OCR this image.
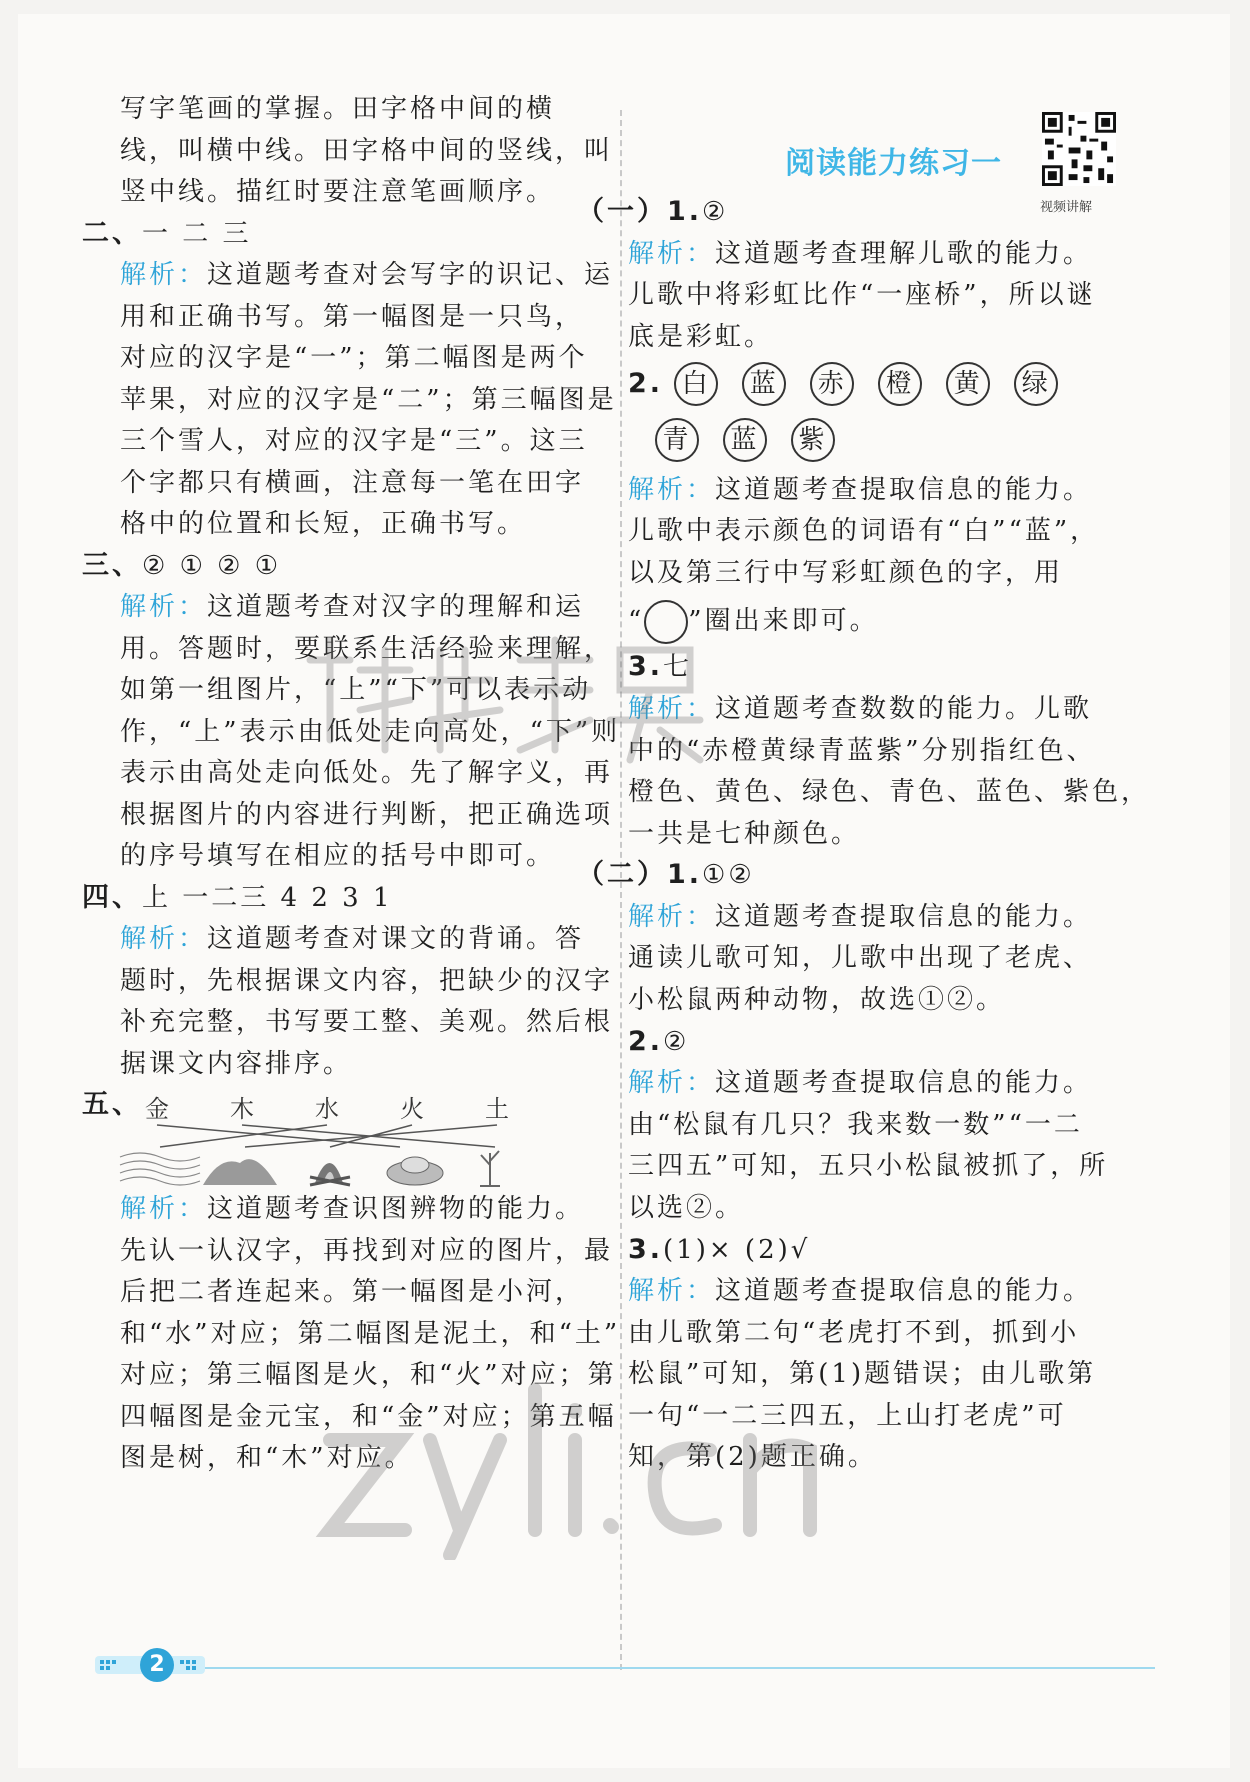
写字笔画的掌握。田字格中间的横
线，叫横中线。田字格中间的竖线，叫
竖中线。描红时要注意笔画顺序。
二、一 二 三
解析：这道题考查对会写字的识记、运
用和正确书写。第一幅图是一只鸟，
对应的汉字是“一”；第二幅图是两个
苹果，对应的汉字是“二”；第三幅图是
三个雪人，对应的汉字是“三”。这三
个字都只有横画，注意每一笔在田字
格中的位置和长短，正确书写。
三、② ① ② ①
解析：这道题考查对汉字的理解和运
用。答题时，要联系生活经验来理解，
如第一组图片，“上”“下”可以表示动
作，“上”表示由低处走向高处，“下”则
表示由高处走向低处。先了解字义，再
根据图片的内容进行判断，把正确选项
的序号填写在相应的括号中即可。
四、上 一二三 4 2 3 1
解析：这道题考查对课文的背诵。答
题时，先根据课文内容，把缺少的汉字
补充完整，书写要工整、美观。然后根
据课文内容排序。
五、 金	木	水	火	土
解析：这道题考查识图辨物的能力。
先认一认汉字，再找到对应的图片，最
后把二者连起来。第一幅图是小河，
和“水”对应；第二幅图是泥土，和“土”
对应；第三幅图是火，和“火”对应；第
四幅图是金元宝，和“金”对应；第五幅
图是树，和“木”对应。
阅读能力练习一
视频讲解
（一）1.②
解析：这道题考查理解儿歌的能力。
儿歌中将彩虹比作“一座桥”，所以谜
底是彩虹。
2. 白 蓝 赤 橙 黄 绿
青 蓝 紫
解析：这道题考查提取信息的能力。
儿歌中表示颜色的词语有“白”“蓝”，
以及第三行中写彩虹颜色的字，用
“ ”圈出来即可。
3.七
解析：这道题考查数数的能力。儿歌
中的“赤橙黄绿青蓝紫”分别指红色、
橙色、黄色、绿色、青色、蓝色、紫色，
一共是七种颜色。
（二）1.①②
解析：这道题考查提取信息的能力。
通读儿歌可知，儿歌中出现了老虎、
小松鼠两种动物，故选①②。
2.②
解析：这道题考查提取信息的能力。
由“松鼠有几只？我来数一数”“一二
三四五”可知，五只小松鼠被抓了，所
以选②。
3.(1)× (2)√
解析：这道题考查提取信息的能力。
由儿歌第二句“老虎打不到，抓到小
松鼠”可知，第(1)题错误；由儿歌第
一句“一二三四五，上山打老虎”可
知，第(2)题正确。
2
